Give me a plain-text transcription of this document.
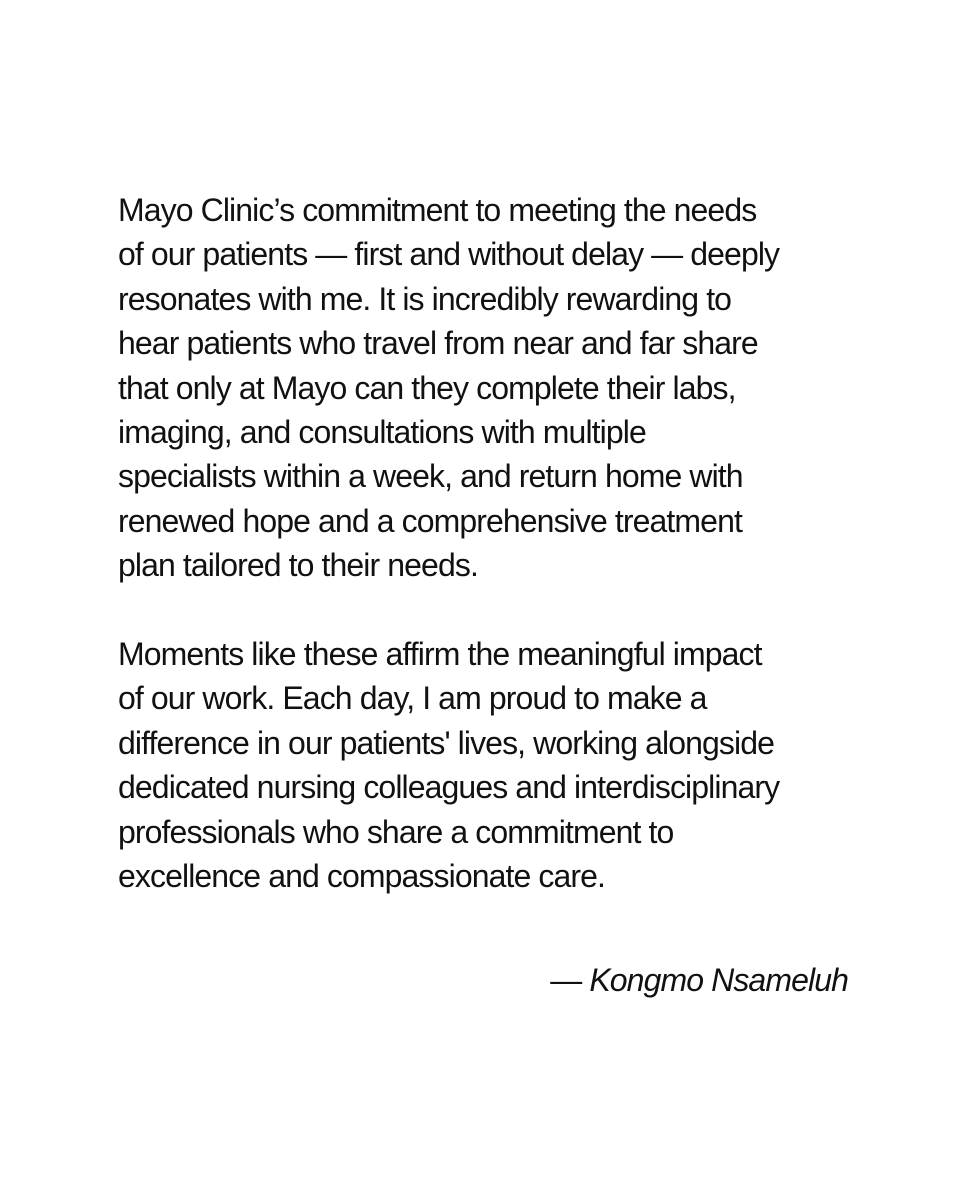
Mayo Clinic’s commitment to meeting the needs
of our patients — first and without delay — deeply
resonates with me. It is incredibly rewarding to
hear patients who travel from near and far share
that only at Mayo can they complete their labs,
imaging, and consultations with multiple
specialists within a week, and return home with
renewed hope and a comprehensive treatment
plan tailored to their needs.

Moments like these affirm the meaningful impact
of our work. Each day, I am proud to make a
difference in our patients' lives, working alongside
dedicated nursing colleagues and interdisciplinary
professionals who share a commitment to
excellence and compassionate care.

— Kongmo Nsameluh
